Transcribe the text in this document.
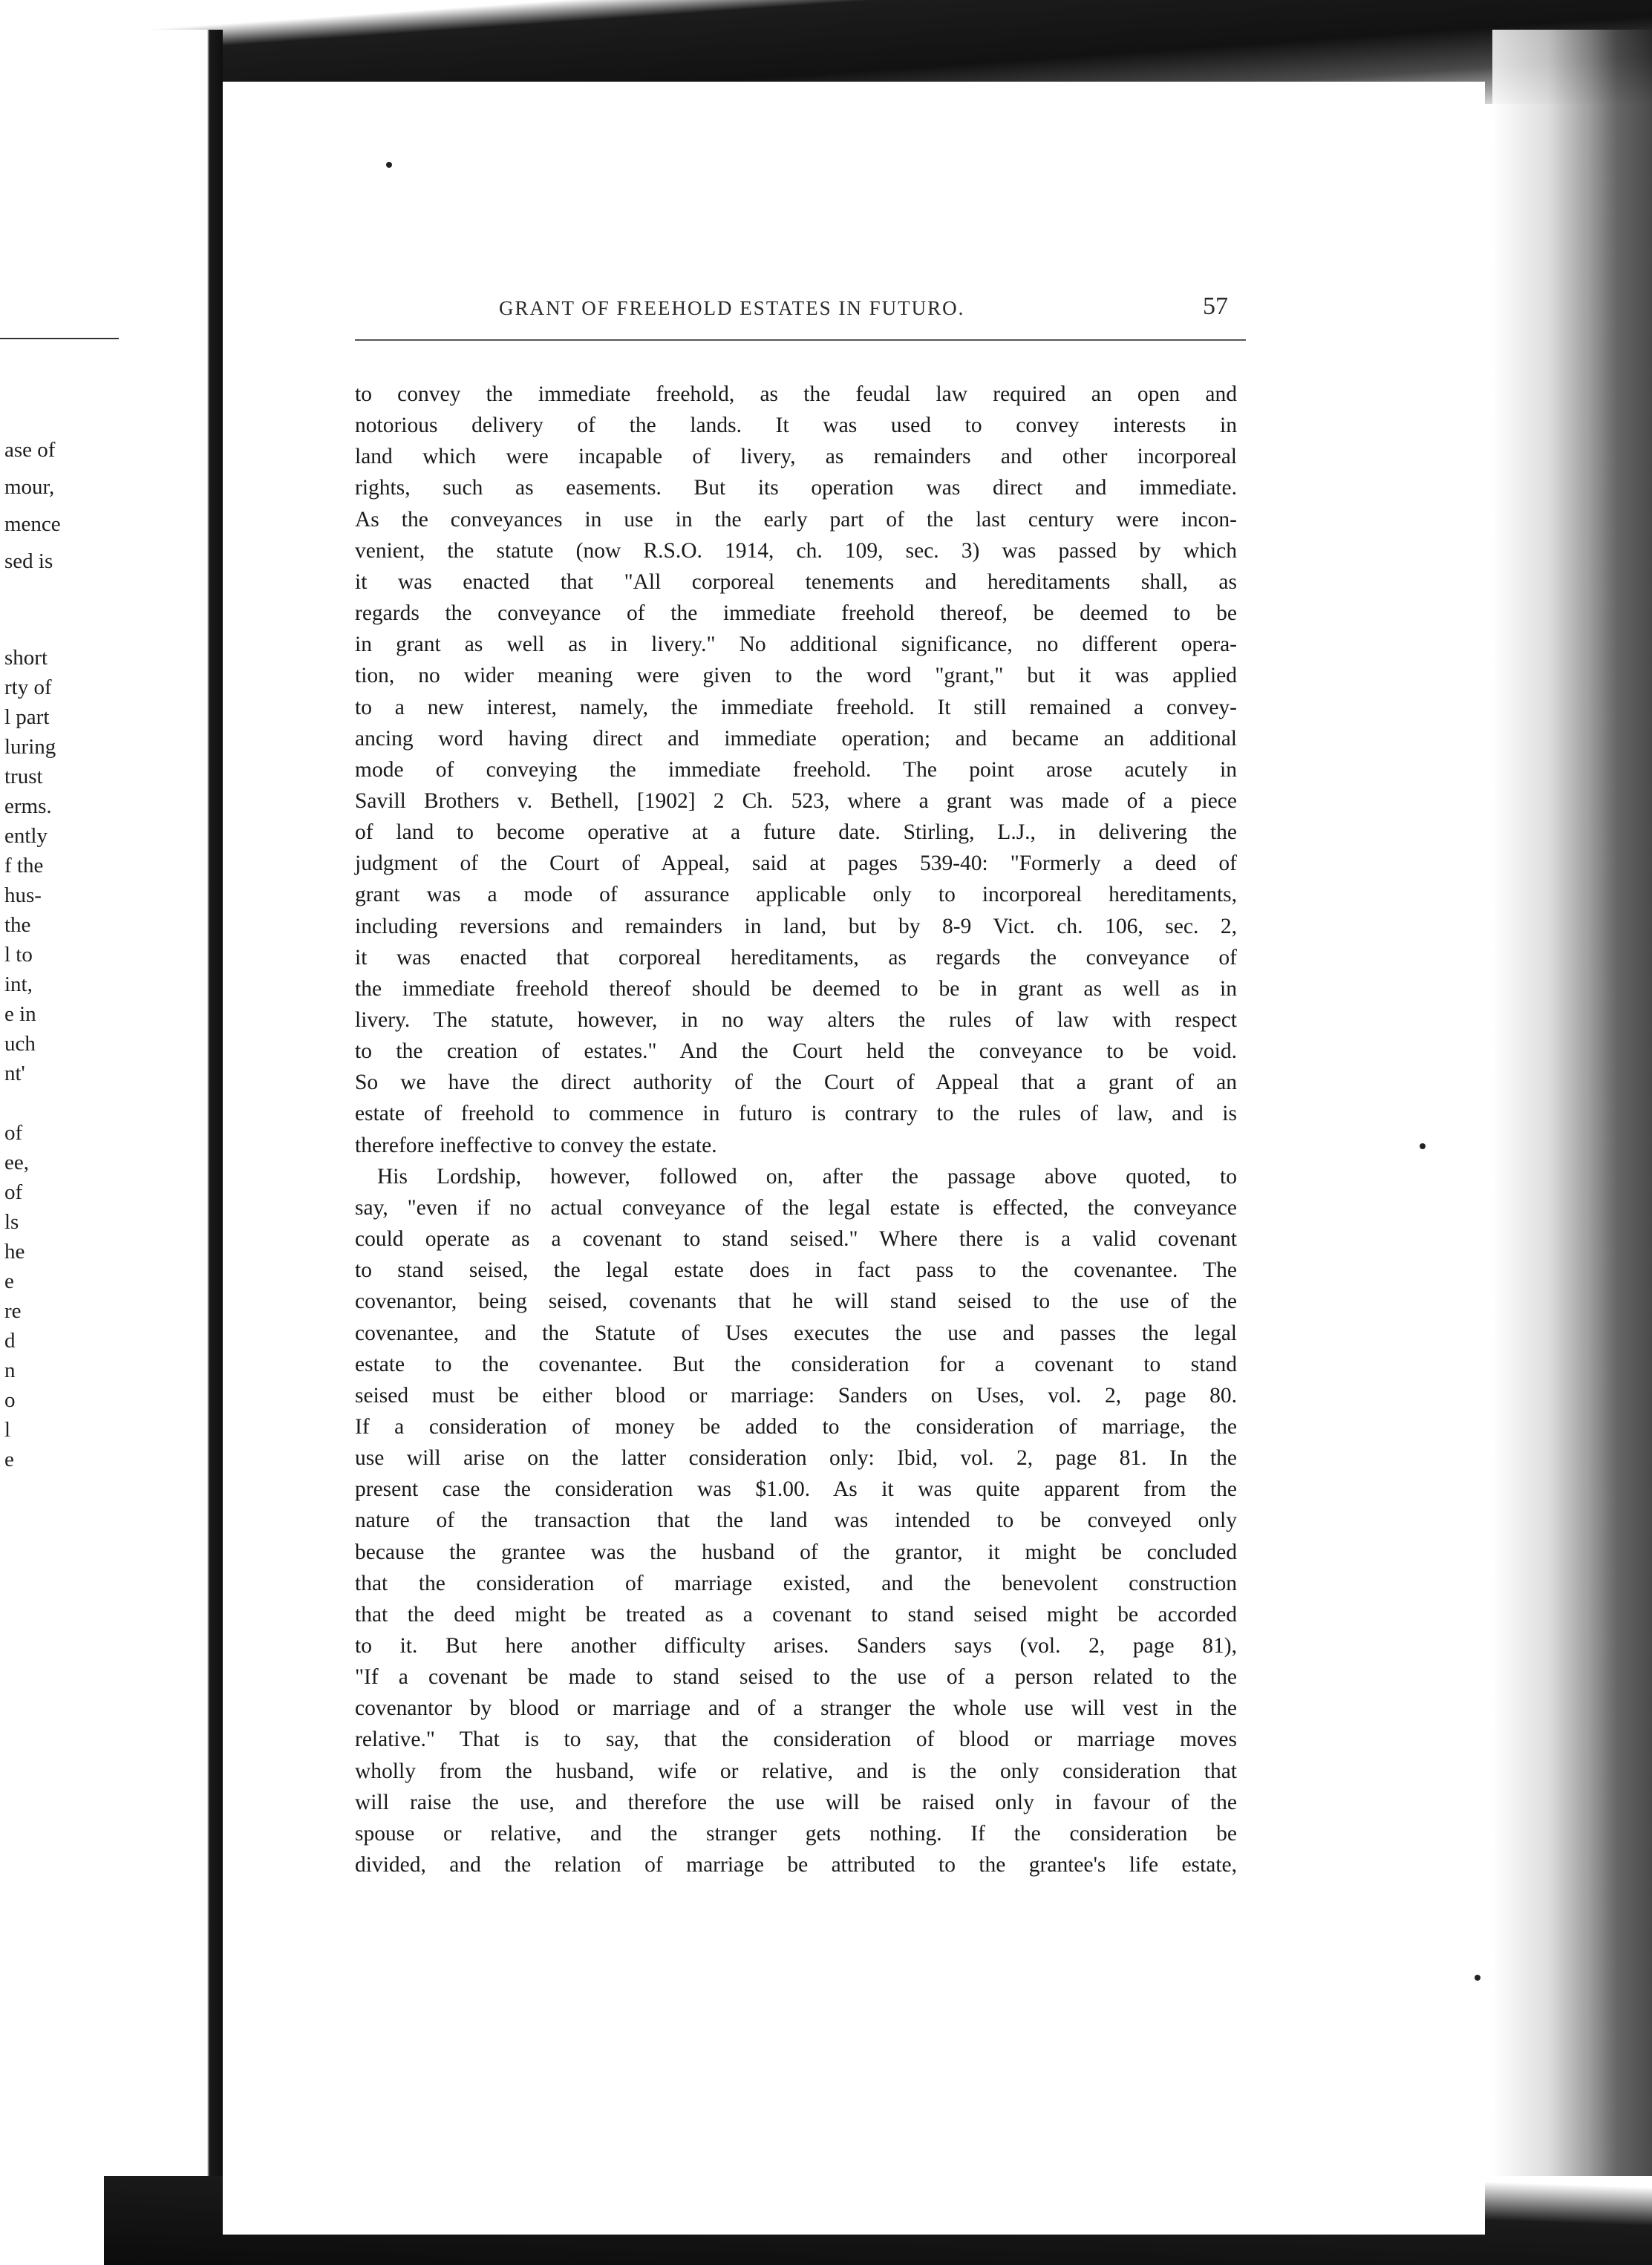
ase of
mour,
mence
sed is
short
rty of
l part
luring
trust
erms.
ently
f the
hus-
the
l to
int,
e in
uch
nt'
of
ee,
of
ls
he
e
re
d
n
o
l
e
GRANT OF FREEHOLD ESTATES IN FUTURO.	57
to convey the immediate freehold, as the feudal law required an open and
notorious delivery of the lands. It was used to convey interests in
land which were incapable of livery, as remainders and other incorporeal
rights, such as easements. But its operation was direct and immediate.
As the conveyances in use in the early part of the last century were incon-
venient, the statute (now R.S.O. 1914, ch. 109, sec. 3) was passed by which
it was enacted that "All corporeal tenements and hereditaments shall, as
regards the conveyance of the immediate freehold thereof, be deemed to be
in grant as well as in livery." No additional significance, no different opera-
tion, no wider meaning were given to the word "grant," but it was applied
to a new interest, namely, the immediate freehold. It still remained a convey-
ancing word having direct and immediate operation; and became an additional
mode of conveying the immediate freehold. The point arose acutely in
Savill Brothers v. Bethell, [1902] 2 Ch. 523, where a grant was made of a piece
of land to become operative at a future date. Stirling, L.J., in delivering the
judgment of the Court of Appeal, said at pages 539-40: "Formerly a deed of
grant was a mode of assurance applicable only to incorporeal hereditaments,
including reversions and remainders in land, but by 8-9 Vict. ch. 106, sec. 2,
it was enacted that corporeal hereditaments, as regards the conveyance of
the immediate freehold thereof should be deemed to be in grant as well as in
livery. The statute, however, in no way alters the rules of law with respect
to the creation of estates." And the Court held the conveyance to be void.
So we have the direct authority of the Court of Appeal that a grant of an
estate of freehold to commence in futuro is contrary to the rules of law, and is
therefore ineffective to convey the estate.
His Lordship, however, followed on, after the passage above quoted, to
say, "even if no actual conveyance of the legal estate is effected, the conveyance
could operate as a covenant to stand seised." Where there is a valid covenant
to stand seised, the legal estate does in fact pass to the covenantee. The
covenantor, being seised, covenants that he will stand seised to the use of the
covenantee, and the Statute of Uses executes the use and passes the legal
estate to the covenantee. But the consideration for a covenant to stand
seised must be either blood or marriage: Sanders on Uses, vol. 2, page 80.
If a consideration of money be added to the consideration of marriage, the
use will arise on the latter consideration only: Ibid, vol. 2, page 81. In the
present case the consideration was $1.00. As it was quite apparent from the
nature of the transaction that the land was intended to be conveyed only
because the grantee was the husband of the grantor, it might be concluded
that the consideration of marriage existed, and the benevolent construction
that the deed might be treated as a covenant to stand seised might be accorded
to it. But here another difficulty arises. Sanders says (vol. 2, page 81),
"If a covenant be made to stand seised to the use of a person related to the
covenantor by blood or marriage and of a stranger the whole use will vest in the
relative." That is to say, that the consideration of blood or marriage moves
wholly from the husband, wife or relative, and is the only consideration that
will raise the use, and therefore the use will be raised only in favour of the
spouse or relative, and the stranger gets nothing. If the consideration be
divided, and the relation of marriage be attributed to the grantee's life estate,
